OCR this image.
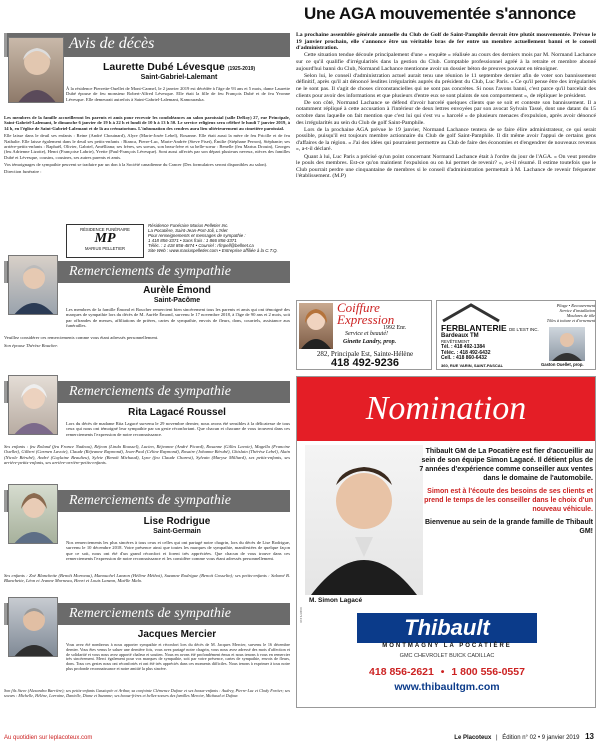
Avis de décès
Laurette Dubé Lévesque (1925-2019)
Saint-Gabriel-Lalemant

À la résidence Pierrette-Ouellet de Mont-Carmel, le 2 janvier 2019 est décédée à l'âge de 93 ans et 5 mois, dame Laurette Dubé épouse de feu monsieur Robert-Alfred Lévesque. Elle était la fille de feu François Dubé et de feu Yvonne Lévesque. Elle demeurait autrefois à Saint-Gabriel-Lalemant, Kamouraska.

Les membres de la famille accueilleront les parents et amis pour recevoir les condoléances au salon paroissial (salle DeRoy) 27, rue Principale, Saint-Gabriel-Lalemant, le dimanche 6 janvier de 19 h à 22 h et lundi de 10 h à 13 h 50. Le service religieux sera célébré le lundi 7 janvier 2019, à 14 h, en l'église de Saint-Gabriel-Lalemant et de là au crématorium. L'inhumation des cendres aura lieu ultérieurement au cimetière paroissial.

Elle laisse dans le deuil ses enfants : Reine (André Chouinard), Alyre (Marie-Josée Lebel), Rosanne. Elle était aussi la mère de feu Pricille et de feu Nathalie. Elle laisse également dans le deuil ses petits-enfants : Bianca, Pierre-Luc, Marie-Andrée (Steve Fiset), Émilie (Stéphane Perron), Stéphanie; ses arrière-petits-enfants : Raphaël, Olivier, Gabriel, Amélliana; ses frères, ses soeurs, son beau-frère et sa belle-soeur : Benelle (feu Marius Drouin), Georges (feu Adrienne Lizotte), Henri (Françoise Labrie), Yvette (Paul-François Lévesque). Sont aussi affectés par son départ plusieurs neveux, nièces des familles Dubé et Lévesque, cousins, cousines, ses autres parents et amis.

Vos témoignages de sympathie peuvent se traduire par un don à la Société canadienne du Cancer (Des formulaires seront disponibles au salon).

Direction funéraire :

RÉSIDENCE FUNÉRAIRE
MP
MARIUS PELLETIER
Résidence Funéraire Marius Pelletier Inc.
La Pocatière, Saint-Jean-Port-Joli, L'Islet
Pour renseignements et messages de sympathie :
1 418 856-3371 • Sans frais : 1 866 856-3371
Téléc. : 1 418 856-4874 • Courriel : rfmpell@bellnet.ca
Site Web : www.mariuspelletier.com • Entreprise affiliée à la C.T.Q.
Remerciements de sympathie
Aurèle Émond
Saint-Pacôme

Les membres de la famille Émond et Boucher remercient bien sincèrement tous les parents et amis qui ont témoigné des marques de sympathie lors du décès de M. Aurèle Émond, survenu le 17 novembre 2018, à l'âge de 90 ans et 2 mois, soit par offrandes de messes, affiliations de prières, cartes de sympathie, envois de fleurs, dons, courriels, assistance aux funérailles.

Veuillez considérer ces remerciements comme vous étant adressés personnellement.

Son épouse Thérèse Boucher.

Remerciements de sympathie
Rita Lagacé Roussel

Lors du décès de madame Rita Lagacé survenu le 29 novembre dernier, nous avons été sensibles à la délicatesse de tous ceux qui nous ont témoigné leur sympathie par un geste réconfortant. Que chacun et chacune de vous trouvent dans ces remerciements l'expression de notre reconnaissance.

Ses enfants : feu Roland (feu France Nadeau), Réjean (Linda Roussel), Lucien, Réjeanne (André Picard), Rosanne (Gilles Lavoie), Magella (Francine Ouellet), Gilbert (Carmen Lavoie), Claude (Réjeanne Raymond), Jean-Paul (Céline Raymond), Rosaire (Johanne Bérubé), Ghislain (Thérèse Lebel), Alain (Nicole Bérubé), André (Guylaine Beaulieu), Sylvie (Benoît Michaud), Lyne (feu Claude Charest), Sylvain (Maryse Milliard), ses petits-enfants, ses arrière-petits-enfants, ses arrière-arrière-petits-enfants.

Remerciements de sympathie
Lise Rodrigue
Saint-Germain

Nos remerciements les plus sincères à tous ceux et celles qui ont partagé notre chagrin, lors du décès de Lise Rodrigue, survenu le 10 décembre 2018. Votre présence ainsi que toutes les marques de sympathie, manifestées de quelque façon que ce soit, nous ont été d'un grand réconfort et forent très appréciées. Que chacun de vous trouve dans ces remerciements l'expression de notre reconnaissance et les considère comme vous étant adressés personnellement.

Ses enfants : Zoë Blanchette (Benoît Morneau), Manouchel Lanzon (Hélène Méthot), Suzanne Rodrigue (Benoit Gosselin); ses petits-enfants : Salomé B. Blanchette, Léon et Jeanne Morneau, Henri et Louis Lanzon, Maëlle Malo.

Remerciements de sympathie
Jacques Mercier

Vous avez été nombreux à nous apporter sympathie et réconfort lors du décès de M. Jacques Mercier, survenu le 16 décembre dernier. Vous êtes venus le saluer une dernière fois, vous avez partagé notre chagrin, vous nous avez adressé des mots d'affection et de solidarité et vous nous avez apporté chaleur et soutien. Nous en avons été profondément émus et nous tenons à vous en remercier très sincèrement. Merci également pour vos marques de sympathie, soit par votre présence, cartes de sympathie, envois de fleurs, dons. Tous ces gestes nous ont réconfortés et ont été très appréciés dans ces moments difficiles. Nous tenons à exprimer à tous notre plus profonde reconnaissance et notre amitié la plus sincère.

Son fils Steve (Alexandra Barrière); ses petits-enfants Gassiopée et Arthur, sa conjointe Clémence Dufour et ses beaux-enfants : Audrey, Pierre-Luc et Clody Fortier; ses soeurs : Michelle, Hélène, Lorraine, Danielle, Diane et Suzanne; ses beaux-frères et belles-soeurs des familles Mercier, Michaud et Dufour.

Une AGA mouvementée s'annonce

La prochaine assemblée générale annuelle du Club de Golf de Saint-Pamphile devrait être plutôt mouvementée. Prévue le 19 janvier prochain, elle s'annonce être un véritable bras de fer entre un membre actuellement banni et le conseil d'administration.

Cette situation tendue découle principalement d'une « enquête » réalisée au cours des derniers mois par M. Normand Lachance sur ce qu'il qualifie d'irrégularités dans la gestion du Club. Comptable professionnel agréé à la retraite et membre abonné aujourd'hui banni du Club, Normand Lachance mentionne avoir un dossier béton de preuves pouvant en témoigner.

Selon lui, le conseil d'administration actuel aurait tenu une réunion le 11 septembre dernier afin de voter son bannissement définitif, après qu'il ait dénoncé lesdites irrégularités auprès du président du Club, Luc Paris. « Ce qu'il pense être des irrégularités ne le sont pas. Il s'agit de choses circonstancielles qui ne sont pas concrètes. Si nous l'avons banni, c'est parce qu'il barcelait des clients pour avoir des informations et que plusieurs d'entre eux se sont plaints de son comportement », de répliquer le président.

De son côté, Normand Lachance se défend d'avoir harcelé quelques clients que se soit et conteste son bannissement. Il a notamment répliqué à cette accusation à l'intérieur de deux lettres envoyées par son avocat Sylvain Tassé, dont une datant du 15 octobre dans laquelle on fait mention que c'est lui qui s'est vu « harcelé » de plusieurs menaces d'expulsion, après avoir dénoncé des irrégularités au sein du Club de golf Saint-Pamphile.

Lors de la prochaine AGA prévue le 19 janvier, Normand Lachance tentera de se faire élire administrateur, ce qui serait possible, puisqu'il est toujours membre actionnaire du Club de golf Saint-Pamphile. Il dit même avoir l'appui de certains gens d'affaires de la région. « J'ai des idées qui pourraient permettre au Club de faire des économies et d'engendrer de nouveaux revenus », a-t-il déclaré.

Quant à lui, Luc Paris a précisé qu'un point concernant Normand Lachance était à l'ordre du jour de l'AGA. « On veut prendre le pouls des membres. Est-ce qu'on maintient l'expulsion ou on lui permet de revenir? », a-t-il résumé. Il estime toutefois que le Club pourrait perdre une cinquantaine de membres si le conseil d'administration permettait à M. Lachance de revenir fréquenter l'établissement. (M.P)

Coiffure
Expression
1992 Enr.
Service et beauté!
Ginette Landry, prop.
282, Principale Est, Sainte-Hélène
418 492-9236
Pliage • Recouvrement
Service d'installation
Moulures de tôle
Tôles à toiture et d'ornement
FERBLANTERIE DE L'EST INC.
Bardeaux TM
REVÊTEMENT
Tél. : 418 492-1384
Téléc. : 418 492-6432
Cell. : 418 860-6432
360, RUE VARIN, SAINT-PASCAL	Gaston Ouellet, prop.
Nomination
M. Simon Lagacé

Thibault GM de La Pocatière est fier d'accueillir au sein de son équipe Simon Lagacé. Il détient plus de 7 années d'expérience comme conseiller aux ventes dans le domaine de l'automobile.

Simon est à l'écoute des besoins de ses clients et prend le temps de les conseiller dans le choix d'un nouveau véhicule.

Bienvenue au sein de la grande famille de Thibault GM!

Thibault
MONTMAGNY LA POCATIÈRE
GMC CHEVROLET BUICK CADILLAC
418 856-2621 • 1 800 556-0557
www.thibaultgm.com
001871139
Au quotidien sur leplacoteux.com	Le Placoteux | Édition n° 02 • 9 janvier 2019 13
